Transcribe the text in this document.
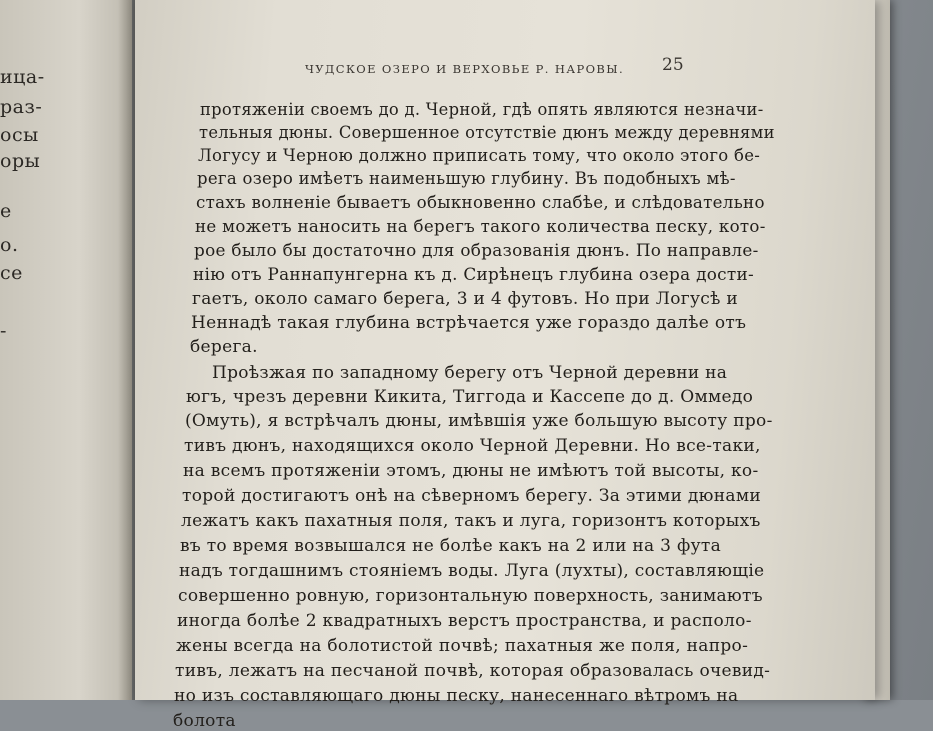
ица-
раз-
осы
оры
е
о.
се
-
ЧУДСКОЕ ОЗЕРО И ВЕРХОВЬЕ Р. НАРОВЫ. 25
протяженіи своемъ до д. Черной, гдѣ опять являются незначи-
тельныя дюны. Совершенное отсутствіе дюнъ между деревнями
Логусу и Черною должно приписать тому, что около этого бе-
рега озеро имѣетъ наименьшую глубину. Въ подобныхъ мѣ-
стахъ волненіе бываетъ обыкновенно слабѣе, и слѣдовательно
не можетъ наносить на берегъ такого количества песку, кото-
рое было бы достаточно для образованія дюнъ. По направле-
нію отъ Раннапунгерна къ д. Сирѣнецъ глубина озера дости-
гаетъ, около самаго берега, 3 и 4 футовъ. Но при Логусѣ и
Неннадѣ такая глубина встрѣчается уже гораздо далѣе отъ
берега.
Проѣзжая по западному берегу отъ Черной деревни на
югъ, чрезъ деревни Кикита, Тиггода и Кассепе до д. Оммедо
(Омуть), я встрѣчалъ дюны, имѣвшія уже большую высоту про-
тивъ дюнъ, находящихся около Черной Деревни. Но все-таки,
на всемъ протяженіи этомъ, дюны не имѣютъ той высоты, ко-
торой достигаютъ онѣ на сѣверномъ берегу. За этими дюнами
лежатъ какъ пахатныя поля, такъ и луга, горизонтъ которыхъ
въ то время возвышался не болѣе какъ на 2 или на 3 фута
надъ тогдашнимъ стояніемъ воды. Луга (лухты), составляющіе
совершенно ровную, горизонтальную поверхность, занимаютъ
иногда болѣе 2 квадратныхъ верстъ пространства, и располо-
жены всегда на болотистой почвѣ; пахатныя же поля, напро-
тивъ, лежатъ на песчаной почвѣ, которая образовалась очевид-
но изъ составляющаго дюны песку, нанесеннаго вѣтромъ на
болота
